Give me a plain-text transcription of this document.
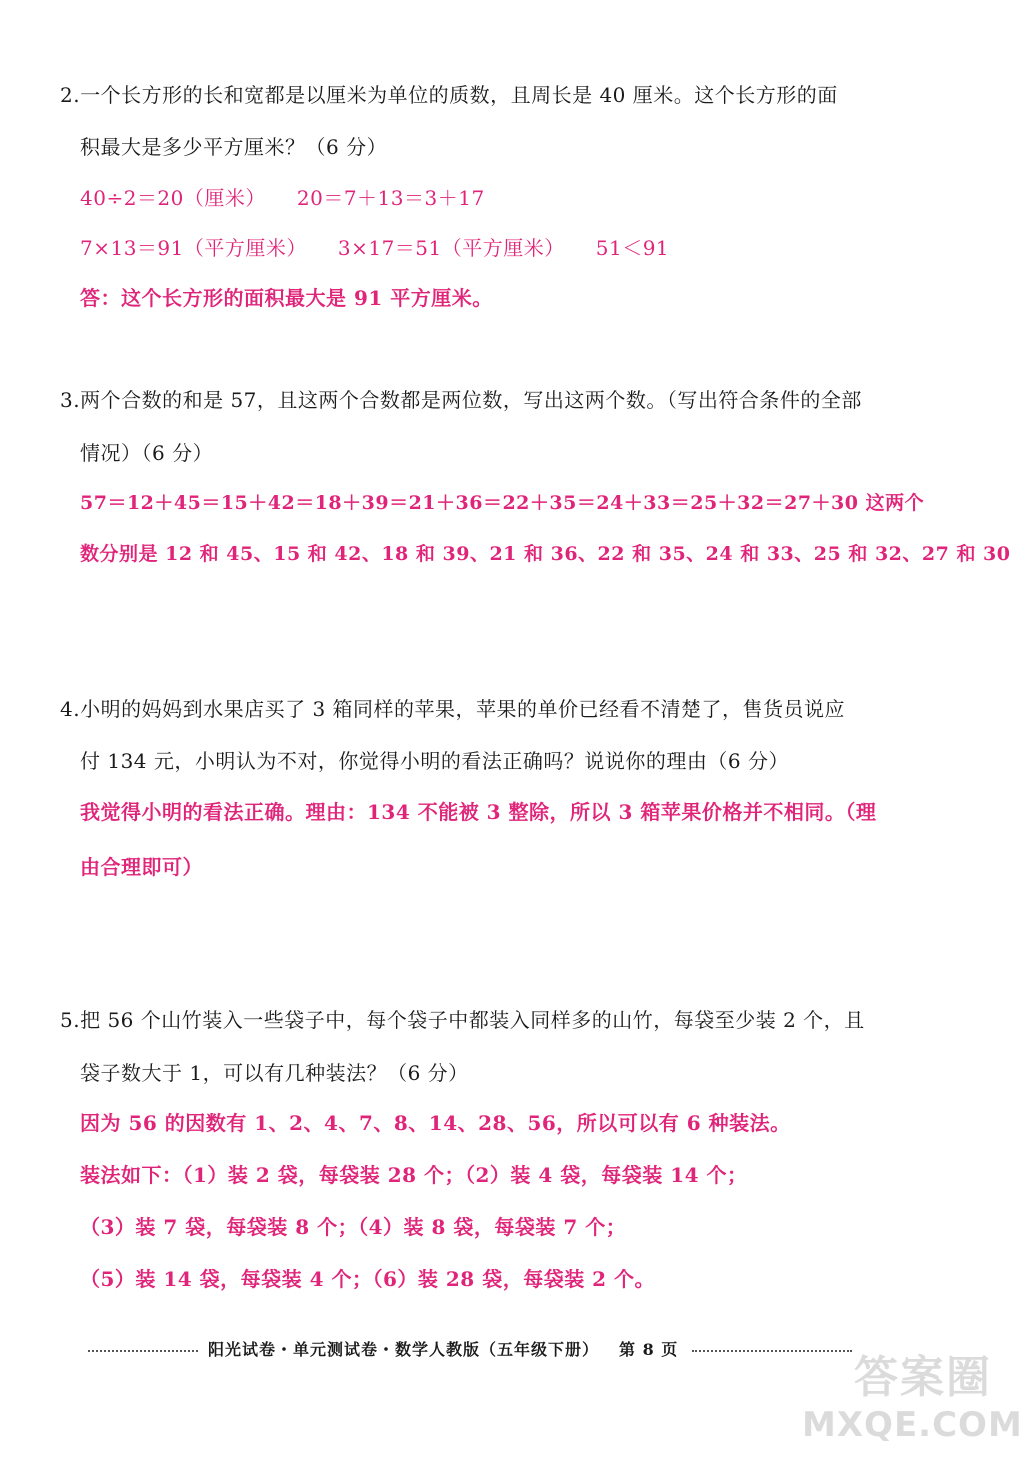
2.一个长方形的长和宽都是以厘米为单位的质数，且周长是 40 厘米。这个长方形的面
积最大是多少平方厘米？（6 分）
40÷2＝20（厘米）　　20＝7＋13＝3＋17
7×13＝91（平方厘米）　　3×17＝51（平方厘米）　　51＜91
答：这个长方形的面积最大是 91 平方厘米。
3.两个合数的和是 57，且这两个合数都是两位数，写出这两个数。（写出符合条件的全部
情况）（6 分）
57＝12＋45＝15＋42＝18＋39＝21＋36＝22＋35＝24＋33＝25＋32＝27＋30 这两个
数分别是 12 和 45、15 和 42、18 和 39、21 和 36、22 和 35、24 和 33、25 和 32、27 和 30
4.小明的妈妈到水果店买了 3 箱同样的苹果，苹果的单价已经看不清楚了，售货员说应
付 134 元，小明认为不对，你觉得小明的看法正确吗？说说你的理由（6 分）
我觉得小明的看法正确。理由：134 不能被 3 整除，所以 3 箱苹果价格并不相同。（理
由合理即可）
5.把 56 个山竹装入一些袋子中，每个袋子中都装入同样多的山竹，每袋至少装 2 个，且
袋子数大于 1，可以有几种装法？（6 分）
因为 56 的因数有 1、2、4、7、8、14、28、56，所以可以有 6 种装法。
装法如下：（1）装 2 袋，每袋装 28 个；（2）装 4 袋，每袋装 14 个；
（3）装 7 袋，每袋装 8 个；（4）装 8 袋，每袋装 7 个；
（5）装 14 袋，每袋装 4 个；（6）装 28 袋，每袋装 2 个。
阳光试卷・单元测试卷・数学人教版（五年级下册） 第 8 页
答案圈
MXQE.COM
